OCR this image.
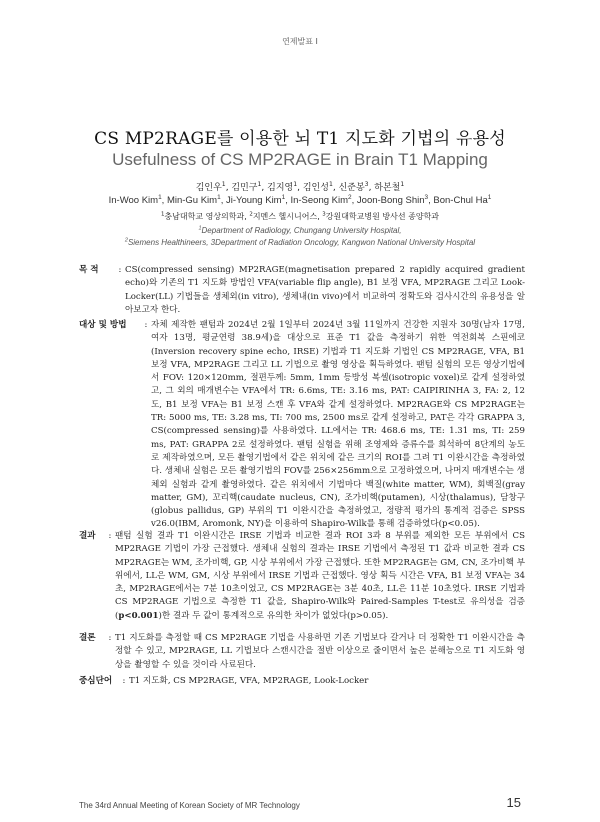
연제발표 I
CS MP2RAGE를 이용한 뇌 T1 지도화 기법의 유용성
Usefulness of CS MP2RAGE in Brain T1 Mapping
김인우$^1$, 김민구$^1$, 김지영$^1$, 김인성$^1$, 신준봉$^3$, 하본철$^1$
In-Woo Kim$^1$, Min-Gu Kim$^1$, Ji-Young Kim$^1$, In-Seong Kim$^2$, Joon-Bong Shin$^3$, Bon-Chul Ha$^1$
$^1$충남대학교 영상의학과, $^2$지멘스 헬시니어스, $^3$강원대학교병원 방사선 종양학과
$^1$Department of Radiology, Chungang University Hospital,
$^2$Siemens Healthineers, 3Department of Radiation Oncology, Kangwon National University Hospital
목 적	: CS(compressed sensing) MP2RAGE(magnetisation prepared 2 rapidly acquired gradient echo)와 기존의 T1 지도화 방법인 VFA(variable flip angle), B1 보정 VFA, MP2RAGE 그리고 Look-Locker(LL) 기법들을 생체외(in vitro), 생체내(in vivo)에서 비교하여 정확도와 검사시간의 유용성을 알아보고자 한다.
대상 및 방법	: 자체 제작한 팬텀과 2024년 2월 1일부터 2024년 3월 11일까지 건강한 지원자 30명(남자 17명, 여자 13명, 평균연령 38.9세)을 대상으로 표준 T1 값을 측정하기 위한 역전회복 스핀에코(Inversion recovery spine echo, IRSE) 기법과 T1 지도화 기법인 CS MP2RAGE, VFA, B1 보정 VFA, MP2RAGE 그리고 LL 기법으로 촬영 영상을 획득하였다. 팬텀 실험의 모든 영상기법에서 FOV: 120×120mm, 절편두께: 5mm, 1mm 등방성 복셀(isotropic voxel)로 같게 설정하였고, 그 외의 매개변수는 VFA에서 TR: 6.6ms, TE: 3.16 ms, PAT: CAIPIRINHA 3, FA: 2, 12도, B1 보정 VFA는 B1 보정 스캔 후 VFA와 같게 설정하였다. MP2RAGE와 CS MP2RAGE는 TR: 5000 ms, TE: 3.28 ms, TI: 700 ms, 2500 ms로 같게 설정하고, PAT은 각각 GRAPPA 3, CS(compressed sensing)를 사용하였다. LL에서는 TR: 468.6 ms, TE: 1.31 ms, TI: 259 ms, PAT: GRAPPA 2로 설정하였다. 팬텀 실험을 위해 조영제와 증류수를 희석하여 8단계의 농도로 제작하였으며, 모든 촬영기법에서 같은 위치에 같은 크기의 ROI를 그려 T1 이완시간을 측정하였다. 생체내 실험은 모든 촬영기법의 FOV를 256×256mm으로 고정하였으며, 나머지 매개변수는 생체외 실험과 같게 촬영하였다. 같은 위치에서 기법마다 백질(white matter, WM), 회백질(gray matter, GM), 꼬리핵(caudate nucleus, CN), 조가비핵(putamen), 시상(thalamus), 담창구(globus pallidus, GP) 부위의 T1 이완시간을 측정하였고, 정량적 평가의 통계적 검증은 SPSS v26.0(IBM, Aromonk, NY)을 이용하여 Shapiro-Wilk를 통해 검증하였다(p<0.05).
결과	: 팬텀 실험 결과 T1 이완시간은 IRSE 기법과 비교한 결과 ROI 3과 8 부위를 제외한 모든 부위에서 CS MP2RAGE 기법이 가장 근접했다. 생체내 실험의 결과는 IRSE 기법에서 측정된 T1 값과 비교한 결과 CS MP2RAGE는 WM, 조가비핵, GP, 시상 부위에서 가장 근접했다. 또한 MP2RAGE는 GM, CN, 조가비핵 부위에서, LL은 WM, GM, 시상 부위에서 IRSE 기법과 근접했다. 영상 획득 시간은 VFA, B1 보정 VFA는 34초, MP2RAGE에서는 7분 10초이었고, CS MP2RAGE는 3분 40초, LL은 11분 10초였다. IRSE 기법과 CS MP2RAGE 기법으로 측정한 T1 값을, Shapiro-Wilk와 Paired-Samples T-test로 유의성을 검증(p<0.001)한 결과 두 값이 통계적으로 유의한 차이가 없었다(p>0.05).
결론	: T1 지도화를 측정할 때 CS MP2RAGE 기법을 사용하면 기존 기법보다 갈거나 더 정확한 T1 이완시간을 측정할 수 있고, MP2RAGE, LL 기법보다 스캔시간을 절반 이상으로 줄이면서 높은 분해능으로 T1 지도화 영상을 촬영할 수 있을 것이라 사료된다.
중심단어	: T1 지도화, CS MP2RAGE, VFA, MP2RAGE, Look-Locker
The 34rd Annual Meeting of Korean Society of MR Technology	15
